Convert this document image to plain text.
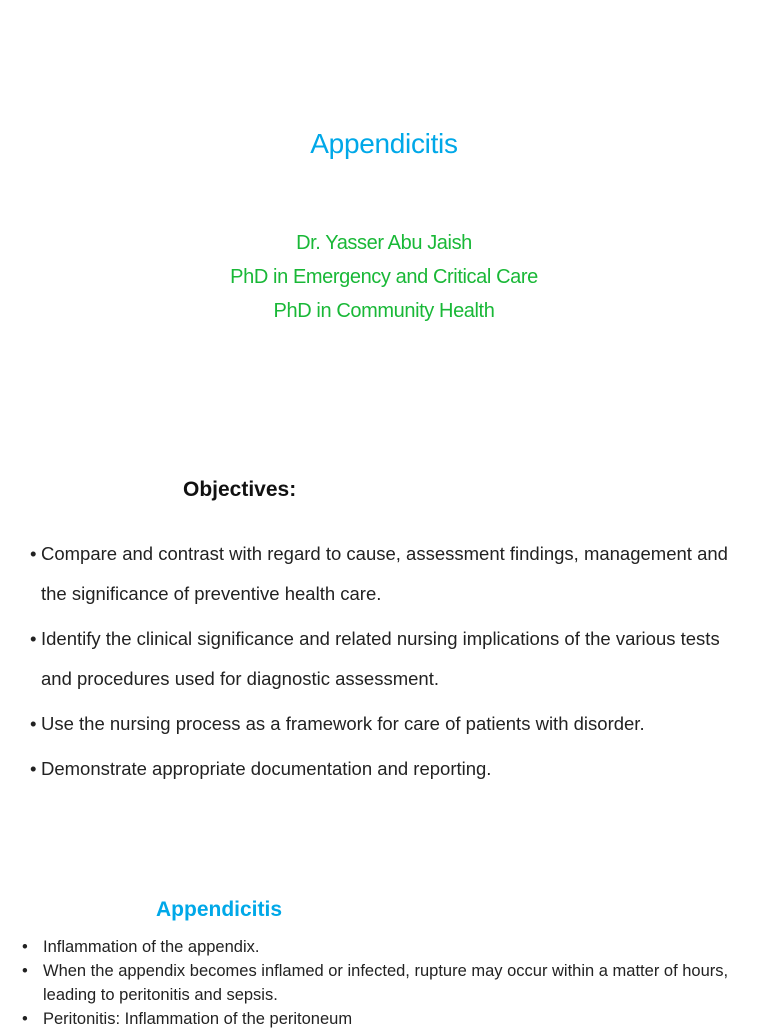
Appendicitis
Dr. Yasser Abu Jaish
PhD in Emergency and Critical Care
PhD in Community Health
Objectives:
• Compare and contrast with regard to cause, assessment findings, management and the significance of preventive health care.
• Identify the clinical significance and related nursing implications of the various tests and procedures used for diagnostic assessment.
• Use the nursing process as a framework for care of patients with disorder.
• Demonstrate appropriate documentation and reporting.
Appendicitis
• Inflammation of the appendix.
• When the appendix becomes inflamed or infected, rupture may occur within a matter of hours, leading to peritonitis and sepsis.
• Peritonitis: Inflammation of the peritoneum
